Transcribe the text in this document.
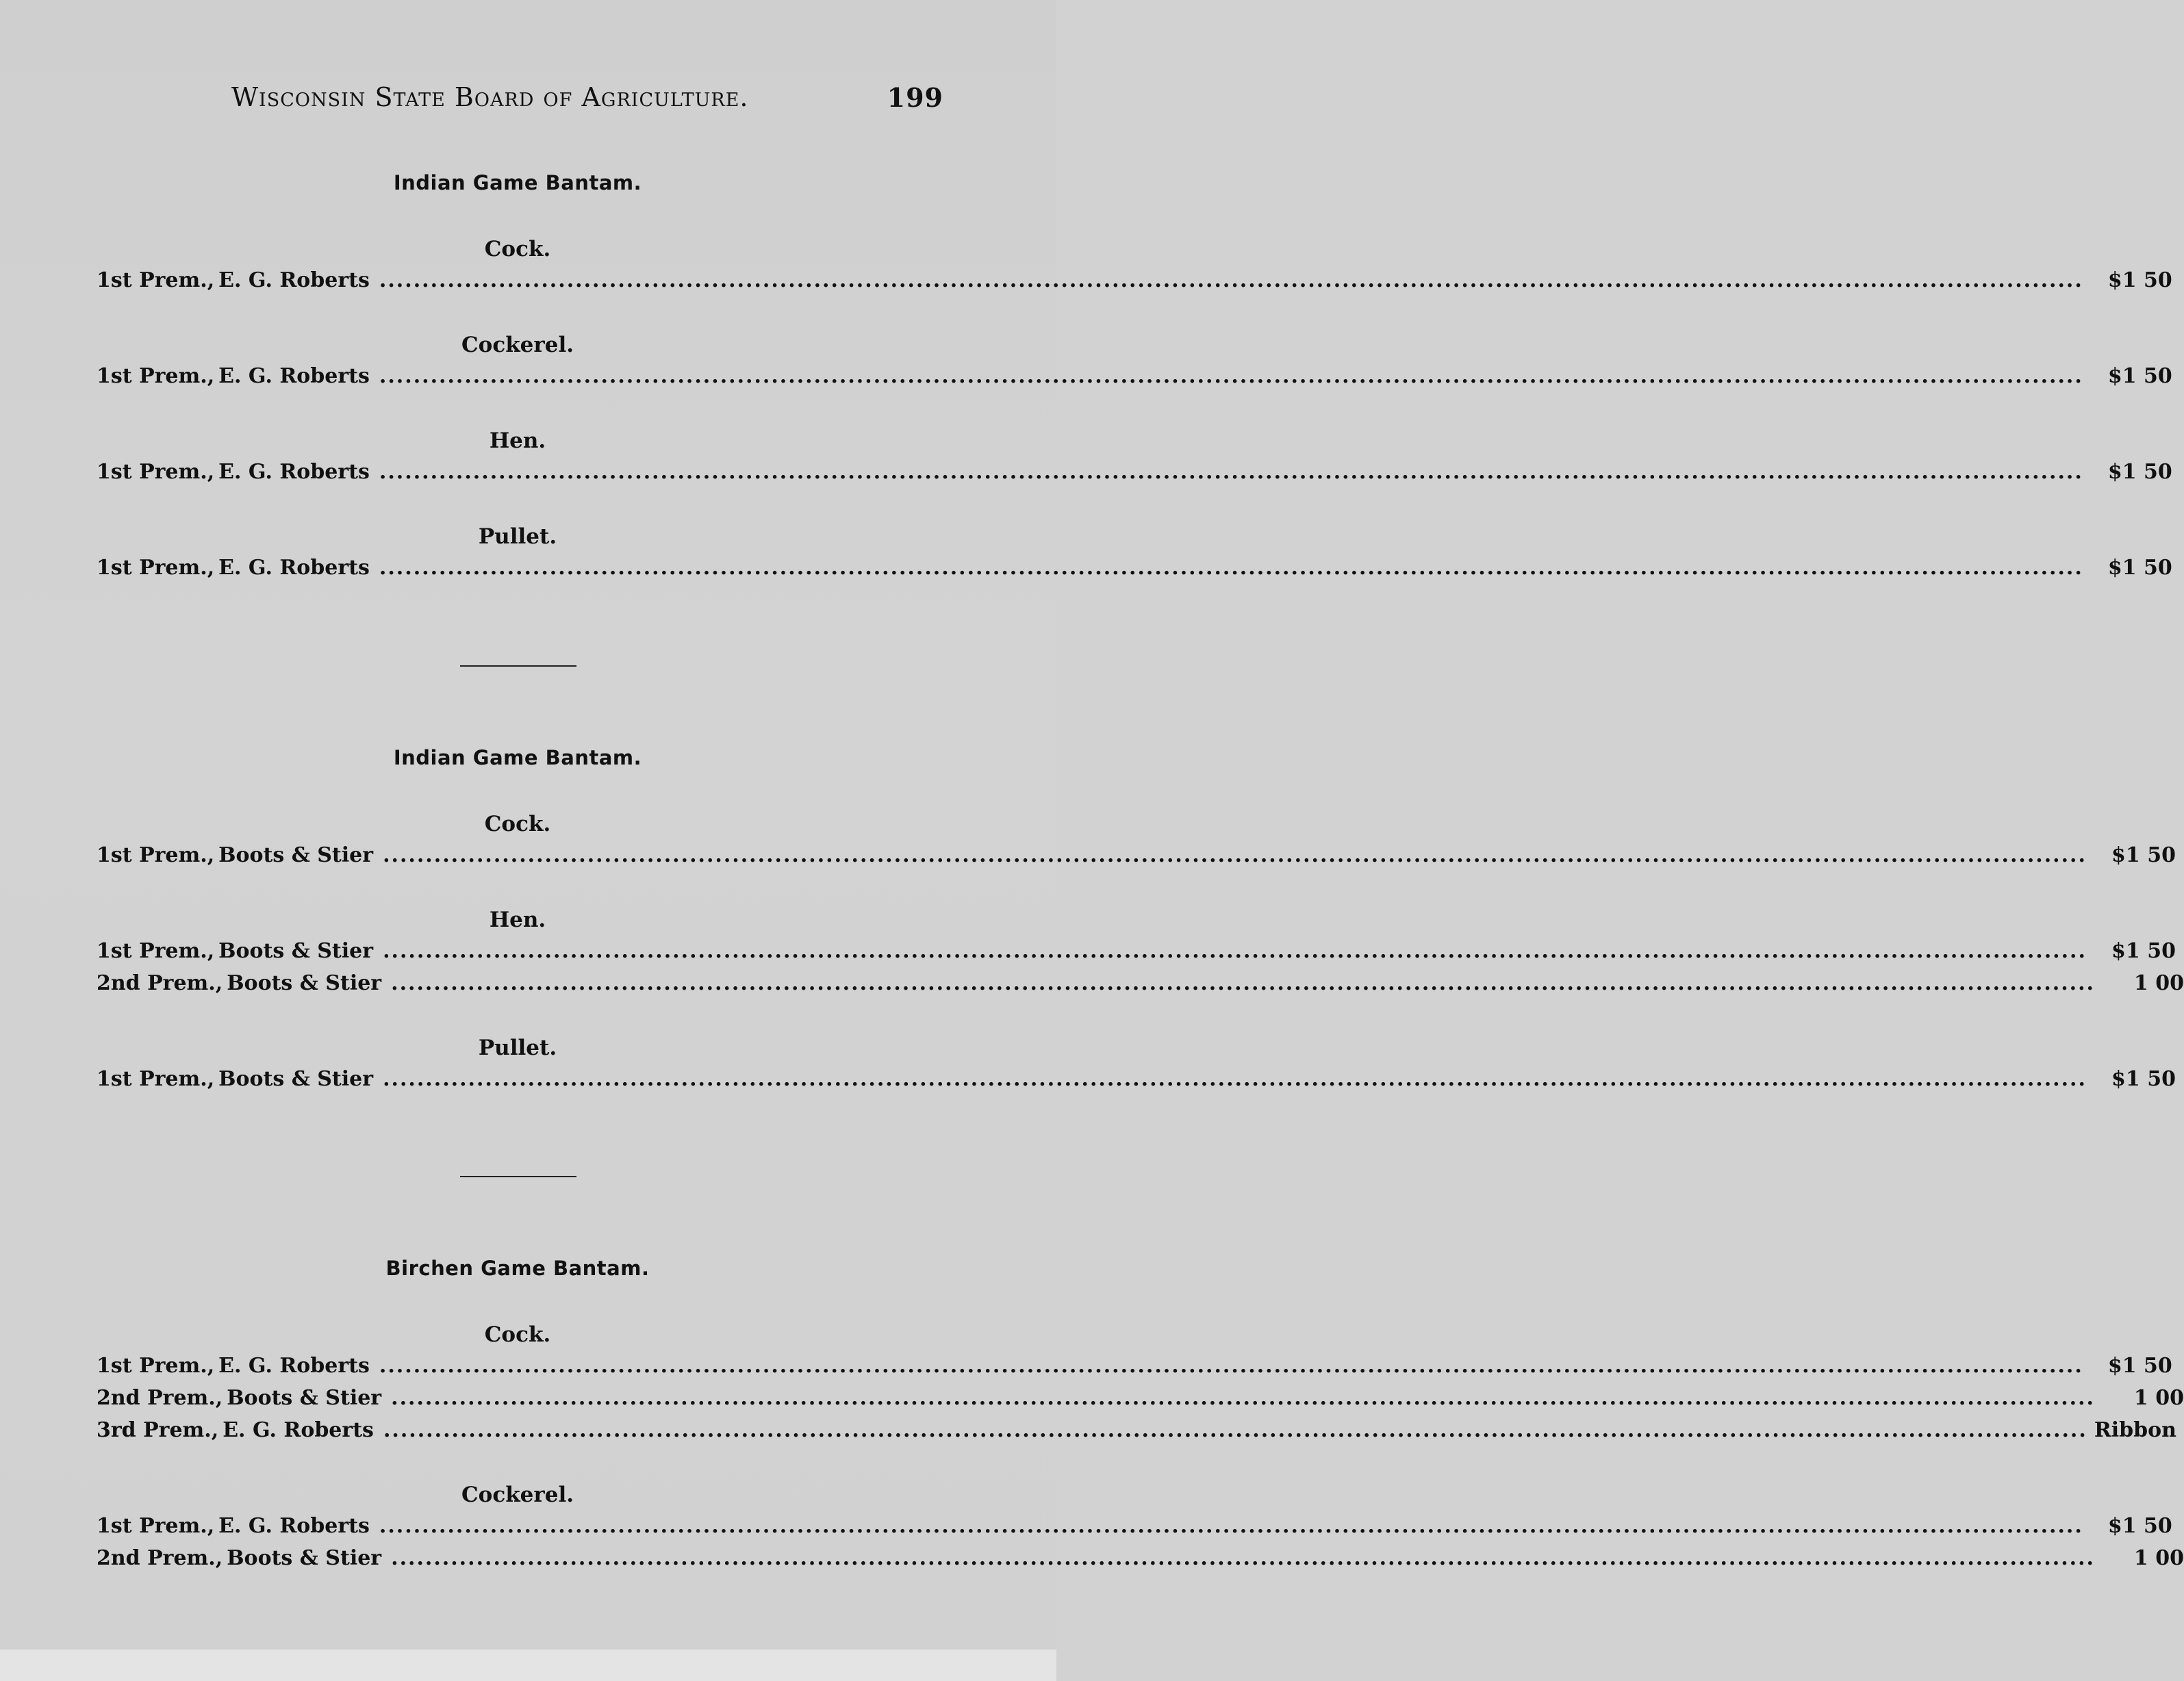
Wisconsin State Board of Agriculture.	199
Indian Game Bantam.
Cock.
1st Prem., E. G. Roberts ........................................................................................................................................................................................................	$1 50
Cockerel.
1st Prem., E. G. Roberts ........................................................................................................................................................................................................	$1 50
Hen.
1st Prem., E. G. Roberts ........................................................................................................................................................................................................	$1 50
Pullet.
1st Prem., E. G. Roberts ........................................................................................................................................................................................................	$1 50
Indian Game Bantam.
Cock.
1st Prem., Boots & Stier ........................................................................................................................................................................................................	$1 50
Hen.
1st Prem., Boots & Stier ........................................................................................................................................................................................................	$1 50
2nd Prem., Boots & Stier ........................................................................................................................................................................................................	1 00
Pullet.
1st Prem., Boots & Stier ........................................................................................................................................................................................................	$1 50
Birchen Game Bantam.
Cock.
1st Prem., E. G. Roberts ........................................................................................................................................................................................................	$1 50
2nd Prem., Boots & Stier ........................................................................................................................................................................................................	1 00
3rd Prem., E. G. Roberts ........................................................................................................................................................................................................ Ribbon
Cockerel.
1st Prem., E. G. Roberts ........................................................................................................................................................................................................	$1 50
2nd Prem., Boots & Stier ........................................................................................................................................................................................................	1 00
